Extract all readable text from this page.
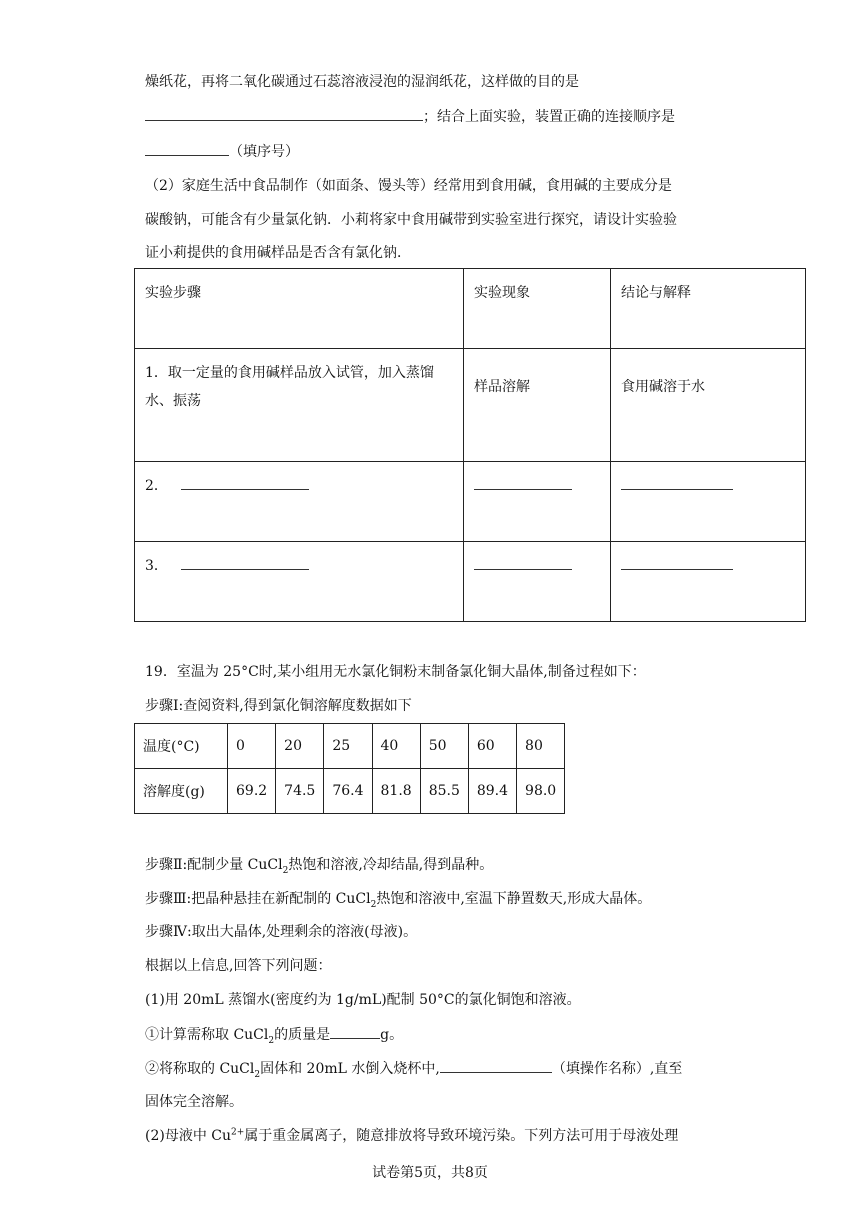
燥纸花，再将二氧化碳通过石蕊溶液浸泡的湿润纸花，这样做的目的是
；结合上面实验，装置正确的连接顺序是
（填序号）
（2）家庭生活中食品制作（如面条、馒头等）经常用到食用碱，食用碱的主要成分是
碳酸钠，可能含有少量氯化钠．小莉将家中食用碱带到实验室进行探究，请设计实验验
证小莉提供的食用碱样品是否含有氯化钠．
实验步骤	实验现象	结论与解释
1．取一定量的食用碱样品放入试管，加入蒸馏水、振荡	样品溶解	食用碱溶于水
2．		
3．		
19．室温为 25°C时,某小组用无水氯化铜粉末制备氯化铜大晶体,制备过程如下：
步骤Ⅰ:查阅资料,得到氯化铜溶解度数据如下
温度(°C)	0	20	25	40	50	60	80
溶解度(g)	69.2	74.5	76.4	81.8	85.5	89.4	98.0
步骤Ⅱ:配制少量 CuCl$_2$热饱和溶液,冷却结晶,得到晶种。
步骤Ⅲ:把晶种悬挂在新配制的 CuCl$_2$热饱和溶液中,室温下静置数天,形成大晶体。
步骤Ⅳ:取出大晶体,处理剩余的溶液(母液)。
根据以上信息,回答下列问题：
(1)用 20mL 蒸馏水(密度约为 1g/mL)配制 50°C的氯化铜饱和溶液。
①计算需称取 CuCl$_2$的质量是	g。
②将称取的 CuCl$_2$固体和 20mL 水倒入烧杯中,	（填操作名称）,直至
固体完全溶解。
(2)母液中 $Cu^{2+}$属于重金属离子，随意排放将导致环境污染。下列方法可用于母液处理
试卷第5页，共8页
